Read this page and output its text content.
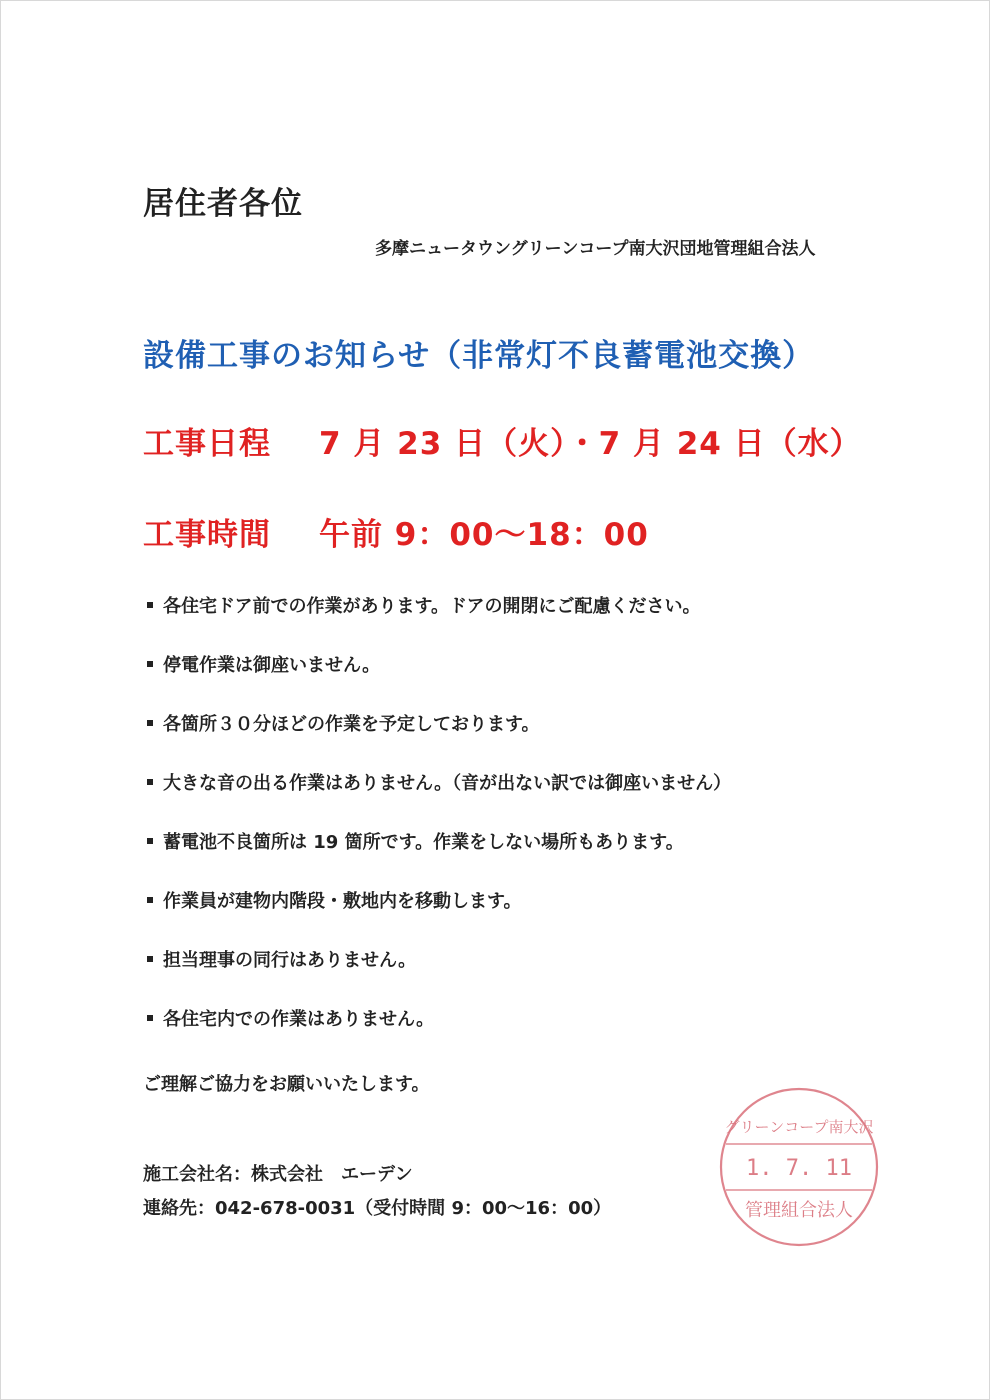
居住者各位
多摩ニュータウングリーンコープ南大沢団地管理組合法人
設備工事のお知らせ（非常灯不良蓄電池交換）
工事日程 7 月 23 日（火）・7 月 24 日（水）
工事時間 午前 9：00～18：00
各住宅ドア前での作業があります。ドアの開閉にご配慮ください。
停電作業は御座いません。
各箇所３０分ほどの作業を予定しております。
大きな音の出る作業はありません。（音が出ない訳では御座いません）
蓄電池不良箇所は 19 箇所です。作業をしない場所もあります。
作業員が建物内階段・敷地内を移動します。
担当理事の同行はありません。
各住宅内での作業はありません。
ご理解ご協力をお願いいたします。
施工会社名：株式会社　エーデン
連絡先：042-678-0031（受付時間 9：00～16：00）
グリーンコープ南大沢
1. 7. 11
管理組合法人
